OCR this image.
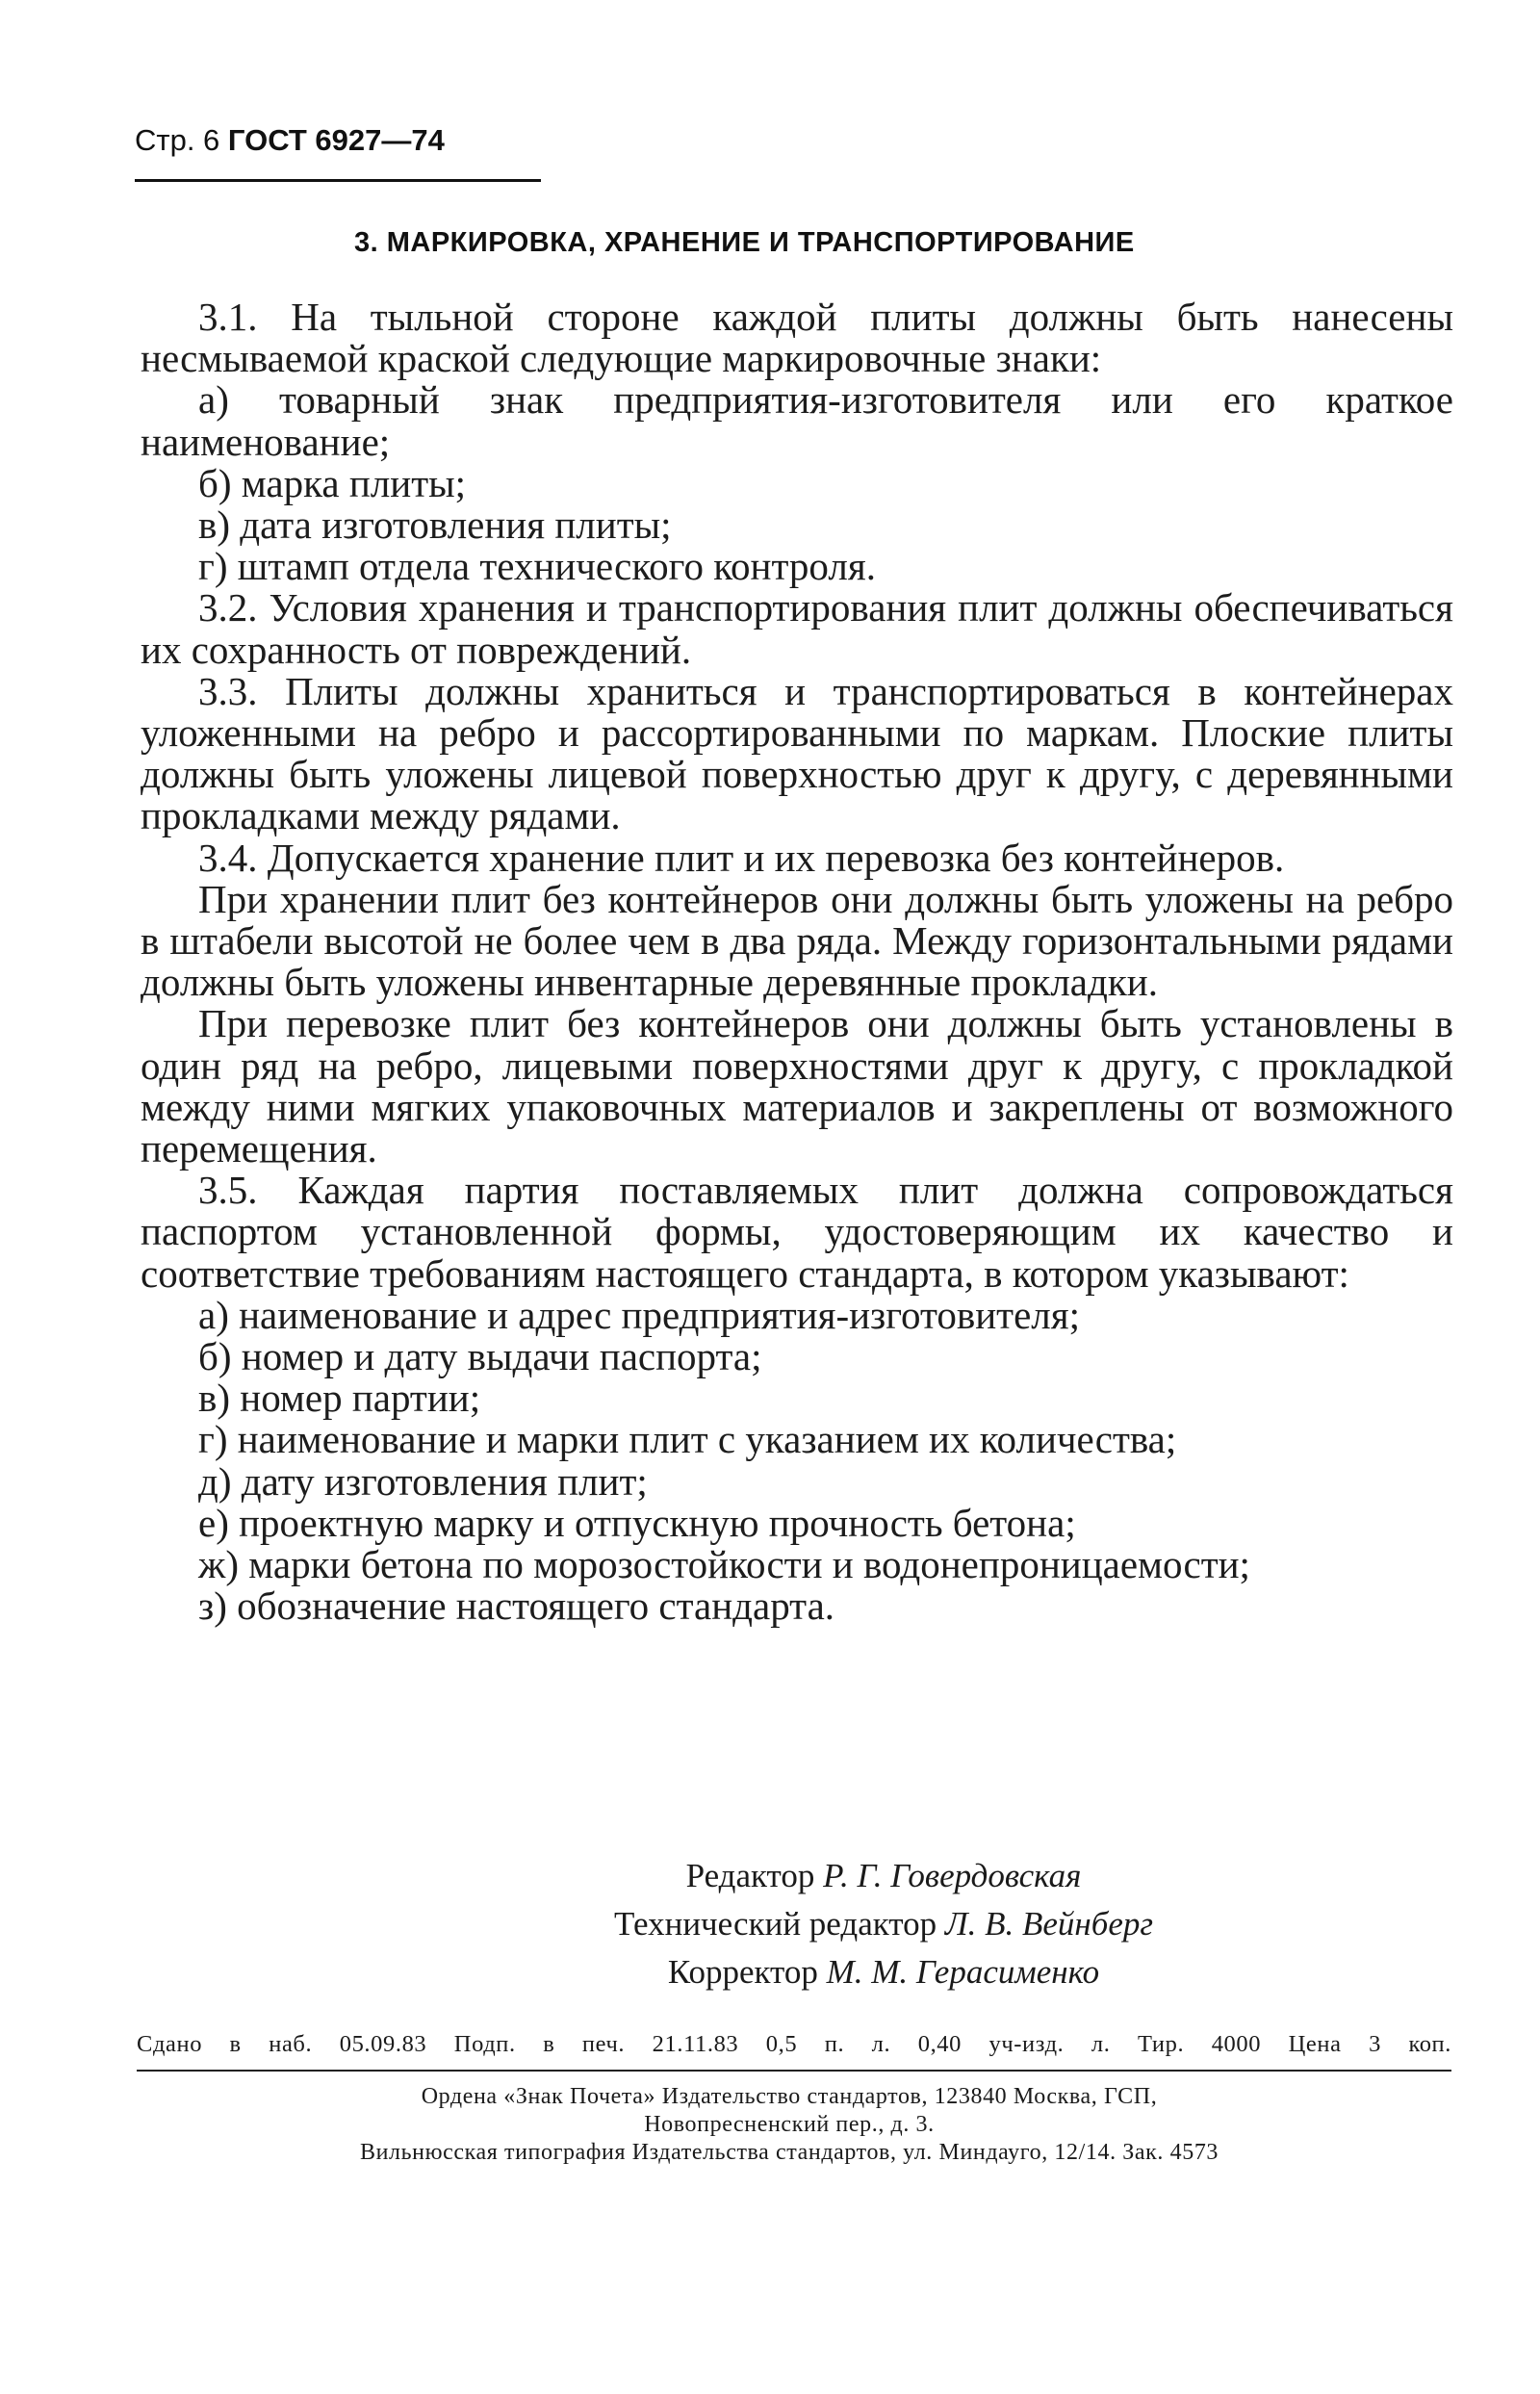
Стр. 6 ГОСТ 6927—74
3. МАРКИРОВКА, ХРАНЕНИЕ И ТРАНСПОРТИРОВАНИЕ

3.1. На тыльной стороне каждой плиты должны быть нанесены несмываемой краской следующие маркировочные знаки:

а) товарный знак предприятия-изготовителя или его краткое наименование;

б) марка плиты;

в) дата изготовления плиты;

г) штамп отдела технического контроля.

3.2. Условия хранения и транспортирования плит должны обеспечиваться их сохранность от повреждений.

3.3. Плиты должны храниться и транспортироваться в контейнерах уложенными на ребро и рассортированными по маркам. Плоские плиты должны быть уложены лицевой поверхностью друг к другу, с деревянными прокладками между рядами.

3.4. Допускается хранение плит и их перевозка без контейнеров.

При хранении плит без контейнеров они должны быть уложены на ребро в штабели высотой не более чем в два ряда. Между горизонтальными рядами должны быть уложены инвентарные деревянные прокладки.

При перевозке плит без контейнеров они должны быть установлены в один ряд на ребро, лицевыми поверхностями друг к другу, с прокладкой между ними мягких упаковочных материалов и закреплены от возможного перемещения.

3.5. Каждая партия поставляемых плит должна сопровождаться паспортом установленной формы, удостоверяющим их качество и соответствие требованиям настоящего стандарта, в котором указывают:

а) наименование и адрес предприятия-изготовителя;

б) номер и дату выдачи паспорта;

в) номер партии;

г) наименование и марки плит с указанием их количества;

д) дату изготовления плит;

е) проектную марку и отпускную прочность бетона;

ж) марки бетона по морозостойкости и водонепроницаемости;

з) обозначение настоящего стандарта.

Редактор Р. Г. Говердовская
Технический редактор Л. В. Вейнберг
Корректор М. М. Герасименко
Сдано в наб. 05.09.83 Подп. в печ. 21.11.83 0,5 п. л. 0,40 уч-изд. л. Тир. 4000 Цена 3 коп.
Ордена «Знак Почета» Издательство стандартов, 123840 Москва, ГСП,
Новопресненский пер., д. 3.
Вильнюсская типография Издательства стандартов, ул. Миндауго, 12/14. Зак. 4573
